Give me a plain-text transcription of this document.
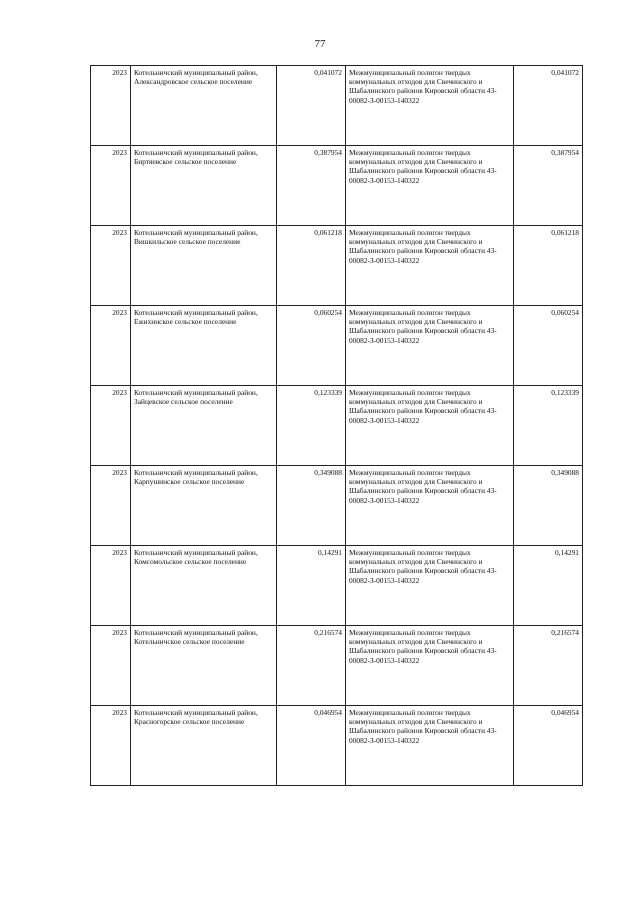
77
2023	Котельничский муниципальный район, Александровское сельское поселение	0,041072	Межмуниципальный полигон твердых коммунальных отходов для Свечинского и Шабалинского районов Кировской области 43-00082-З-00153-140322	0,041072
2023	Котельничский муниципальный район, Биртяевское сельское поселение	0,387954	Межмуниципальный полигон твердых коммунальных отходов для Свечинского и Шабалинского районов Кировской области 43-00082-З-00153-140322	0,387954
2023	Котельничский муниципальный район, Вишкильское сельское поселение	0,061218	Межмуниципальный полигон твердых коммунальных отходов для Свечинского и Шабалинского районов Кировской области 43-00082-З-00153-140322	0,061218
2023	Котельничский муниципальный район, Ежихинское сельское поселение	0,060254	Межмуниципальный полигон твердых коммунальных отходов для Свечинского и Шабалинского районов Кировской области 43-00082-З-00153-140322	0,060254
2023	Котельничский муниципальный район, Зайцевское сельское поселение	0,123339	Межмуниципальный полигон твердых коммунальных отходов для Свечинского и Шабалинского районов Кировской области 43-00082-З-00153-140322	0,123339
2023	Котельничский муниципальный район, Карпушинское сельское поселение	0,349088	Межмуниципальный полигон твердых коммунальных отходов для Свечинского и Шабалинского районов Кировской области 43-00082-З-00153-140322	0,349088
2023	Котельничский муниципальный район, Комсомольское сельское поселение	0,14291	Межмуниципальный полигон твердых коммунальных отходов для Свечинского и Шабалинского районов Кировской области 43-00082-З-00153-140322	0,14291
2023	Котельничский муниципальный район, Котельничское сельское поселение	0,216574	Межмуниципальный полигон твердых коммунальных отходов для Свечинского и Шабалинского районов Кировской области 43-00082-З-00153-140322	0,216574
2023	Котельничский муниципальный район, Красногорское сельское поселение	0,046954	Межмуниципальный полигон твердых коммунальных отходов для Свечинского и Шабалинского районов Кировской области 43-00082-З-00153-140322	0,046954
